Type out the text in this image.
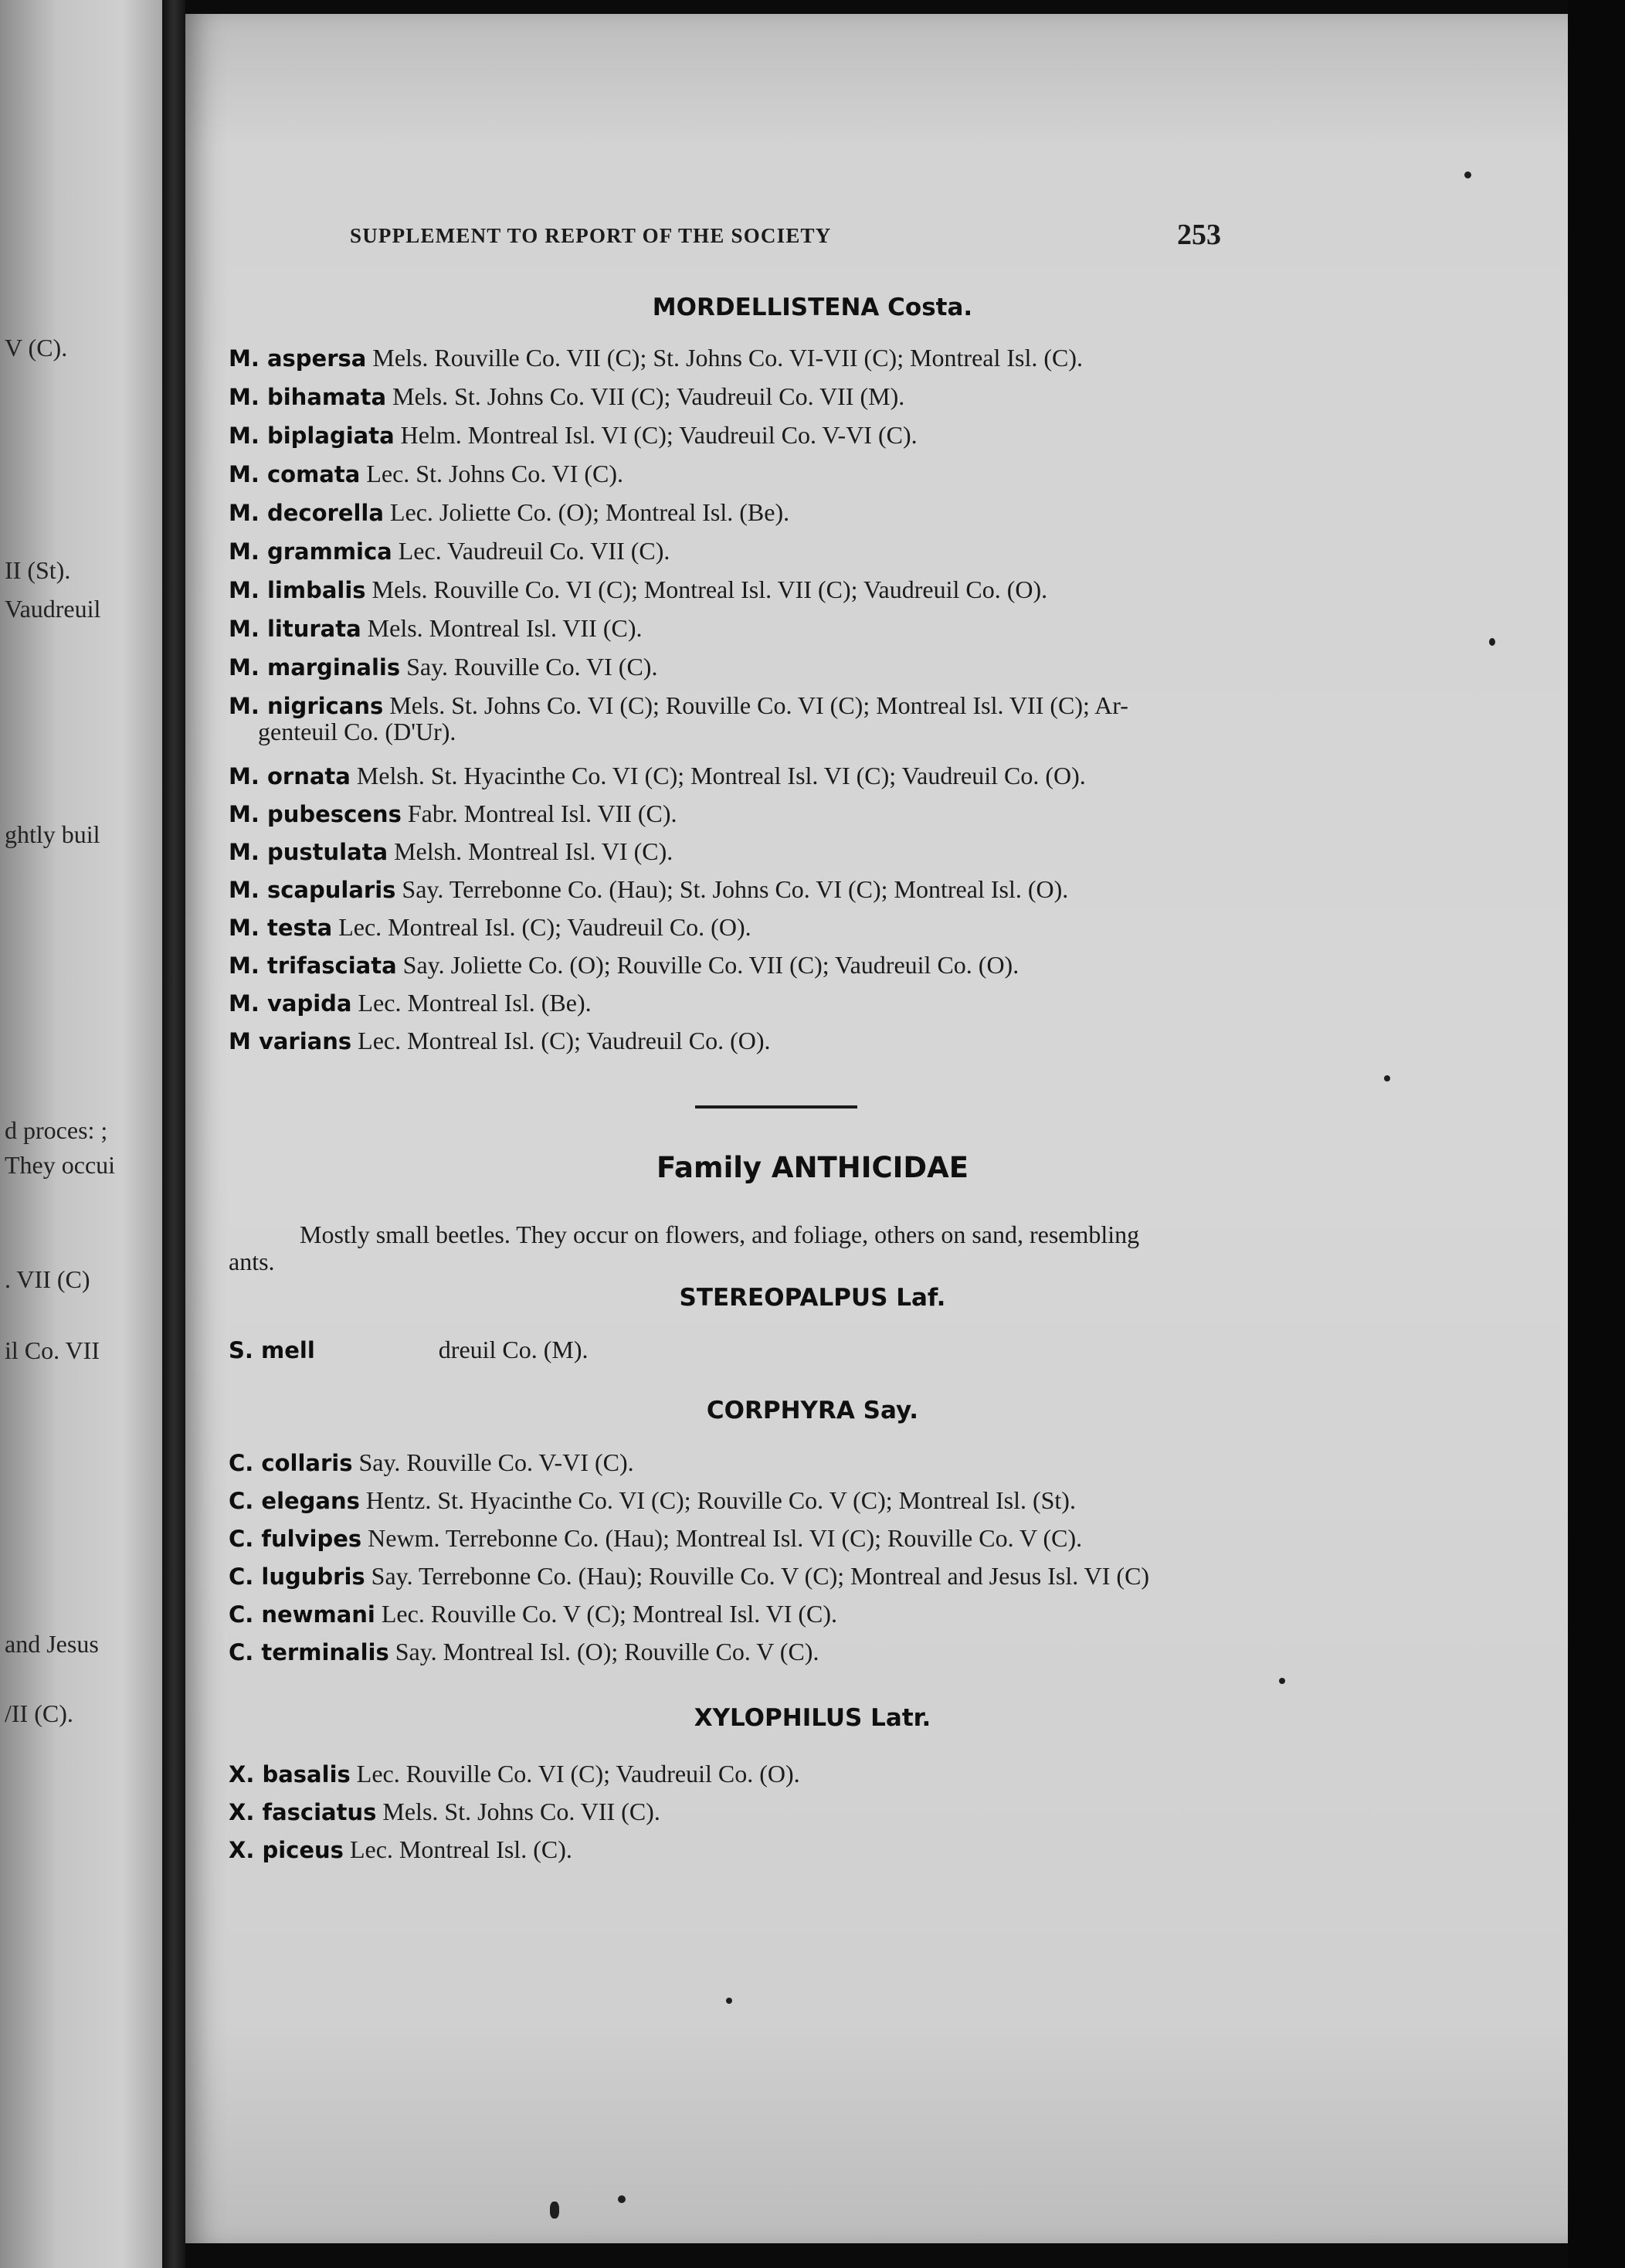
V (C).
II (St).
Vaudreuil
ghtly buil
d proces: ;
They occui
. VII (C)
il Co. VII
and Jesus
/II (C).
SUPPLEMENT TO REPORT OF THE SOCIETY	253
MORDELLISTENA Costa.
M. aspersa Mels. Rouville Co. VII (C); St. Johns Co. VI-VII (C); Montreal Isl. (C).
M. bihamata Mels. St. Johns Co. VII (C); Vaudreuil Co. VII (M).
M. biplagiata Helm. Montreal Isl. VI (C); Vaudreuil Co. V-VI (C).
M. comata Lec. St. Johns Co. VI (C).
M. decorella Lec. Joliette Co. (O); Montreal Isl. (Be).
M. grammica Lec. Vaudreuil Co. VII (C).
M. limbalis Mels. Rouville Co. VI (C); Montreal Isl. VII (C); Vaudreuil Co. (O).
M. liturata Mels. Montreal Isl. VII (C).
M. marginalis Say. Rouville Co. VI (C).
M. nigricans Mels. St. Johns Co. VI (C); Rouville Co. VI (C); Montreal Isl. VII (C); Ar-
genteuil Co. (D'Ur).
M. ornata Melsh. St. Hyacinthe Co. VI (C); Montreal Isl. VI (C); Vaudreuil Co. (O).
M. pubescens Fabr. Montreal Isl. VII (C).
M. pustulata Melsh. Montreal Isl. VI (C).
M. scapularis Say. Terrebonne Co. (Hau); St. Johns Co. VI (C); Montreal Isl. (O).
M. testa Lec. Montreal Isl. (C); Vaudreuil Co. (O).
M. trifasciata Say. Joliette Co. (O); Rouville Co. VII (C); Vaudreuil Co. (O).
M. vapida Lec. Montreal Isl. (Be).
M varians Lec. Montreal Isl. (C); Vaudreuil Co. (O).
Family ANTHICIDAE
Mostly small beetles. They occur on flowers, and foliage, others on sand, resembling
ants.
STEREOPALPUS Laf.
S. mell                    dreuil Co. (M).
CORPHYRA Say.
C. collaris Say. Rouville Co. V-VI (C).
C. elegans Hentz. St. Hyacinthe Co. VI (C); Rouville Co. V (C); Montreal Isl. (St).
C. fulvipes Newm. Terrebonne Co. (Hau); Montreal Isl. VI (C); Rouville Co. V (C).
C. lugubris Say. Terrebonne Co. (Hau); Rouville Co. V (C); Montreal and Jesus Isl. VI (C)
C. newmani Lec. Rouville Co. V (C); Montreal Isl. VI (C).
C. terminalis Say. Montreal Isl. (O); Rouville Co. V (C).
XYLOPHILUS Latr.
X. basalis Lec. Rouville Co. VI (C); Vaudreuil Co. (O).
X. fasciatus Mels. St. Johns Co. VII (C).
X. piceus Lec. Montreal Isl. (C).
